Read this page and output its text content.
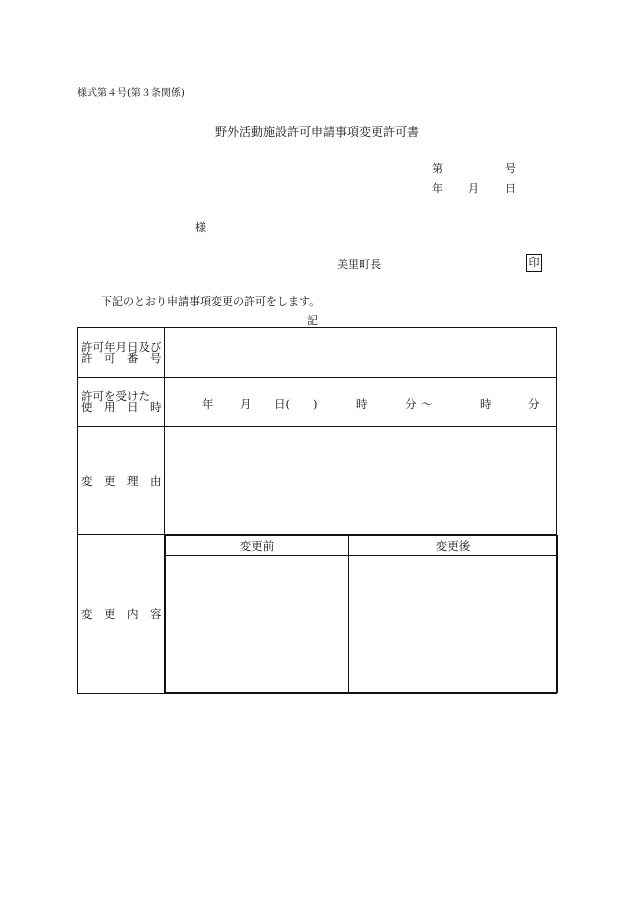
様式第４号(第３条関係)
野外活動施設許可申請事項変更許可書
第	号
年 月 日
様
美里町長	印
下記のとおり申請事項変更の許可をします。
記
許可年月日及び
許　可　番　号

許可を受けた
使　用　日　時	年 月 日(　　)	時	分 〜	時	分

変　更　理　由

変　更　内　容

変更前	変更後
